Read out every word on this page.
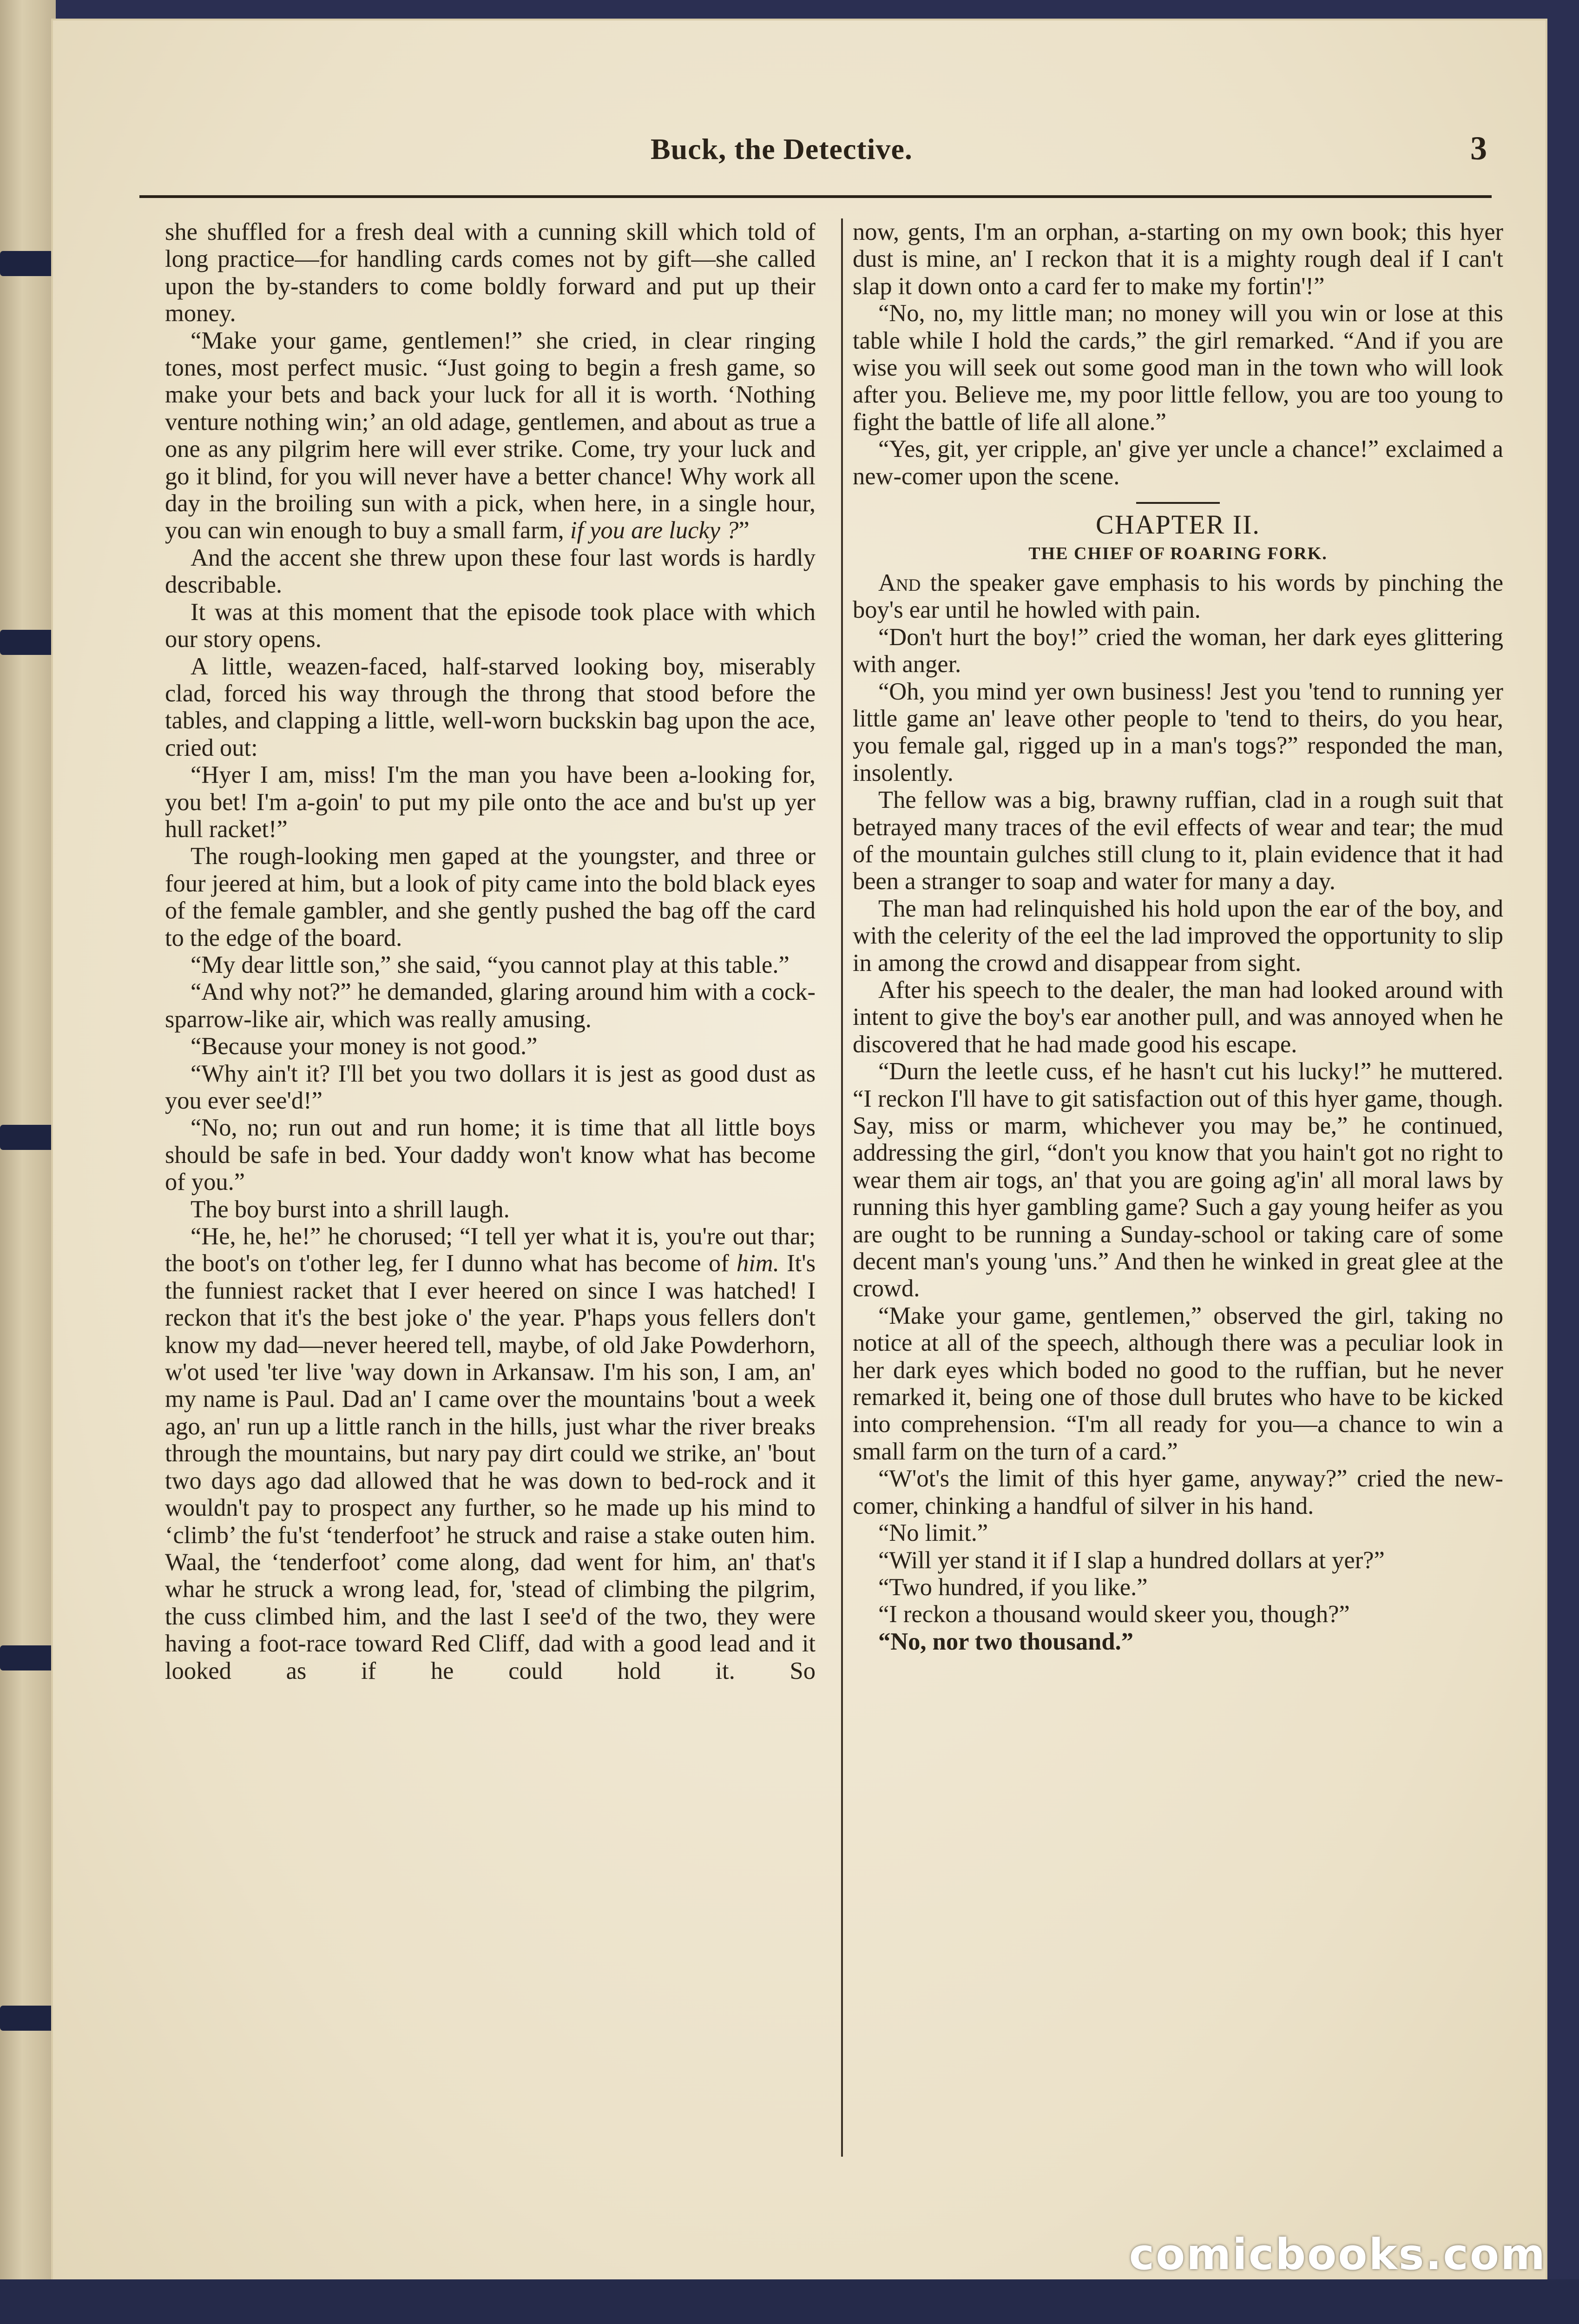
Buck, the Detective.	3

she shuffled for a fresh deal with a cunning skill which told of long practice—for handling cards comes not by gift—she called upon the by-standers to come boldly forward and put up their money.

“Make your game, gentlemen!” she cried, in clear ringing tones, most perfect music. “Just going to begin a fresh game, so make your bets and back your luck for all it is worth. ‘Nothing venture nothing win;’ an old adage, gentlemen, and about as true a one as any pilgrim here will ever strike. Come, try your luck and go it blind, for you will never have a better chance! Why work all day in the broiling sun with a pick, when here, in a single hour, you can win enough to buy a small farm, if you are lucky ?”

And the accent she threw upon these four last words is hardly describable.

It was at this moment that the episode took place with which our story opens.

A little, weazen-faced, half-starved looking boy, miserably clad, forced his way through the throng that stood before the tables, and clapping a little, well-worn buckskin bag upon the ace, cried out:

“Hyer I am, miss! I'm the man you have been a-looking for, you bet! I'm a-goin' to put my pile onto the ace and bu'st up yer hull racket!”

The rough-looking men gaped at the youngster, and three or four jeered at him, but a look of pity came into the bold black eyes of the female gambler, and she gently pushed the bag off the card to the edge of the board.

“My dear little son,” she said, “you cannot play at this table.”

“And why not?” he demanded, glaring around him with a cock-sparrow-like air, which was really amusing.

“Because your money is not good.”

“Why ain't it? I'll bet you two dollars it is jest as good dust as you ever see'd!”

“No, no; run out and run home; it is time that all little boys should be safe in bed. Your daddy won't know what has become of you.”

The boy burst into a shrill laugh.

“He, he, he!” he chorused; “I tell yer what it is, you're out thar; the boot's on t'other leg, fer I dunno what has become of him. It's the funniest racket that I ever heered on since I was hatched! I reckon that it's the best joke o' the year. P'haps yous fellers don't know my dad—never heered tell, maybe, of old Jake Powderhorn, w'ot used 'ter live 'way down in Arkansaw. I'm his son, I am, an' my name is Paul. Dad an' I came over the mountains 'bout a week ago, an' run up a little ranch in the hills, just whar the river breaks through the mountains, but nary pay dirt could we strike, an' 'bout two days ago dad allowed that he was down to bed-rock and it wouldn't pay to prospect any further, so he made up his mind to ‘climb’ the fu'st ‘tenderfoot’ he struck and raise a stake outen him. Waal, the ‘tenderfoot’ come along, dad went for him, an' that's whar he struck a wrong lead, for, 'stead of climbing the pilgrim, the cuss climbed him, and the last I see'd of the two, they were having a foot-race toward Red Cliff, dad with a good lead and it looked as if he could hold it. So

now, gents, I'm an orphan, a-starting on my own book; this hyer dust is mine, an' I reckon that it is a mighty rough deal if I can't slap it down onto a card fer to make my fortin'!”

“No, no, my little man; no money will you win or lose at this table while I hold the cards,” the girl remarked. “And if you are wise you will seek out some good man in the town who will look after you. Believe me, my poor little fellow, you are too young to fight the battle of life all alone.”

“Yes, git, yer cripple, an' give yer uncle a chance!” exclaimed a new-comer upon the scene.

CHAPTER II.
THE CHIEF OF ROARING FORK.

And the speaker gave emphasis to his words by pinching the boy's ear until he howled with pain.

“Don't hurt the boy!” cried the woman, her dark eyes glittering with anger.

“Oh, you mind yer own business! Jest you 'tend to running yer little game an' leave other people to 'tend to theirs, do you hear, you female gal, rigged up in a man's togs?” responded the man, insolently.

The fellow was a big, brawny ruffian, clad in a rough suit that betrayed many traces of the evil effects of wear and tear; the mud of the mountain gulches still clung to it, plain evidence that it had been a stranger to soap and water for many a day.

The man had relinquished his hold upon the ear of the boy, and with the celerity of the eel the lad improved the opportunity to slip in among the crowd and disappear from sight.

After his speech to the dealer, the man had looked around with intent to give the boy's ear another pull, and was annoyed when he discovered that he had made good his escape.

“Durn the leetle cuss, ef he hasn't cut his lucky!” he muttered. “I reckon I'll have to git satisfaction out of this hyer game, though. Say, miss or marm, whichever you may be,” he continued, addressing the girl, “don't you know that you hain't got no right to wear them air togs, an' that you are going ag'in' all moral laws by running this hyer gambling game? Such a gay young heifer as you are ought to be running a Sunday-school or taking care of some decent man's young 'uns.” And then he winked in great glee at the crowd.

“Make your game, gentlemen,” observed the girl, taking no notice at all of the speech, although there was a peculiar look in her dark eyes which boded no good to the ruffian, but he never remarked it, being one of those dull brutes who have to be kicked into comprehension. “I'm all ready for you—a chance to win a small farm on the turn of a card.”

“W'ot's the limit of this hyer game, anyway?” cried the new-comer, chinking a handful of silver in his hand.

“No limit.”

“Will yer stand it if I slap a hundred dollars at yer?”

“Two hundred, if you like.”

“I reckon a thousand would skeer you, though?”

“No, nor two thousand.”

comicbooks.com
